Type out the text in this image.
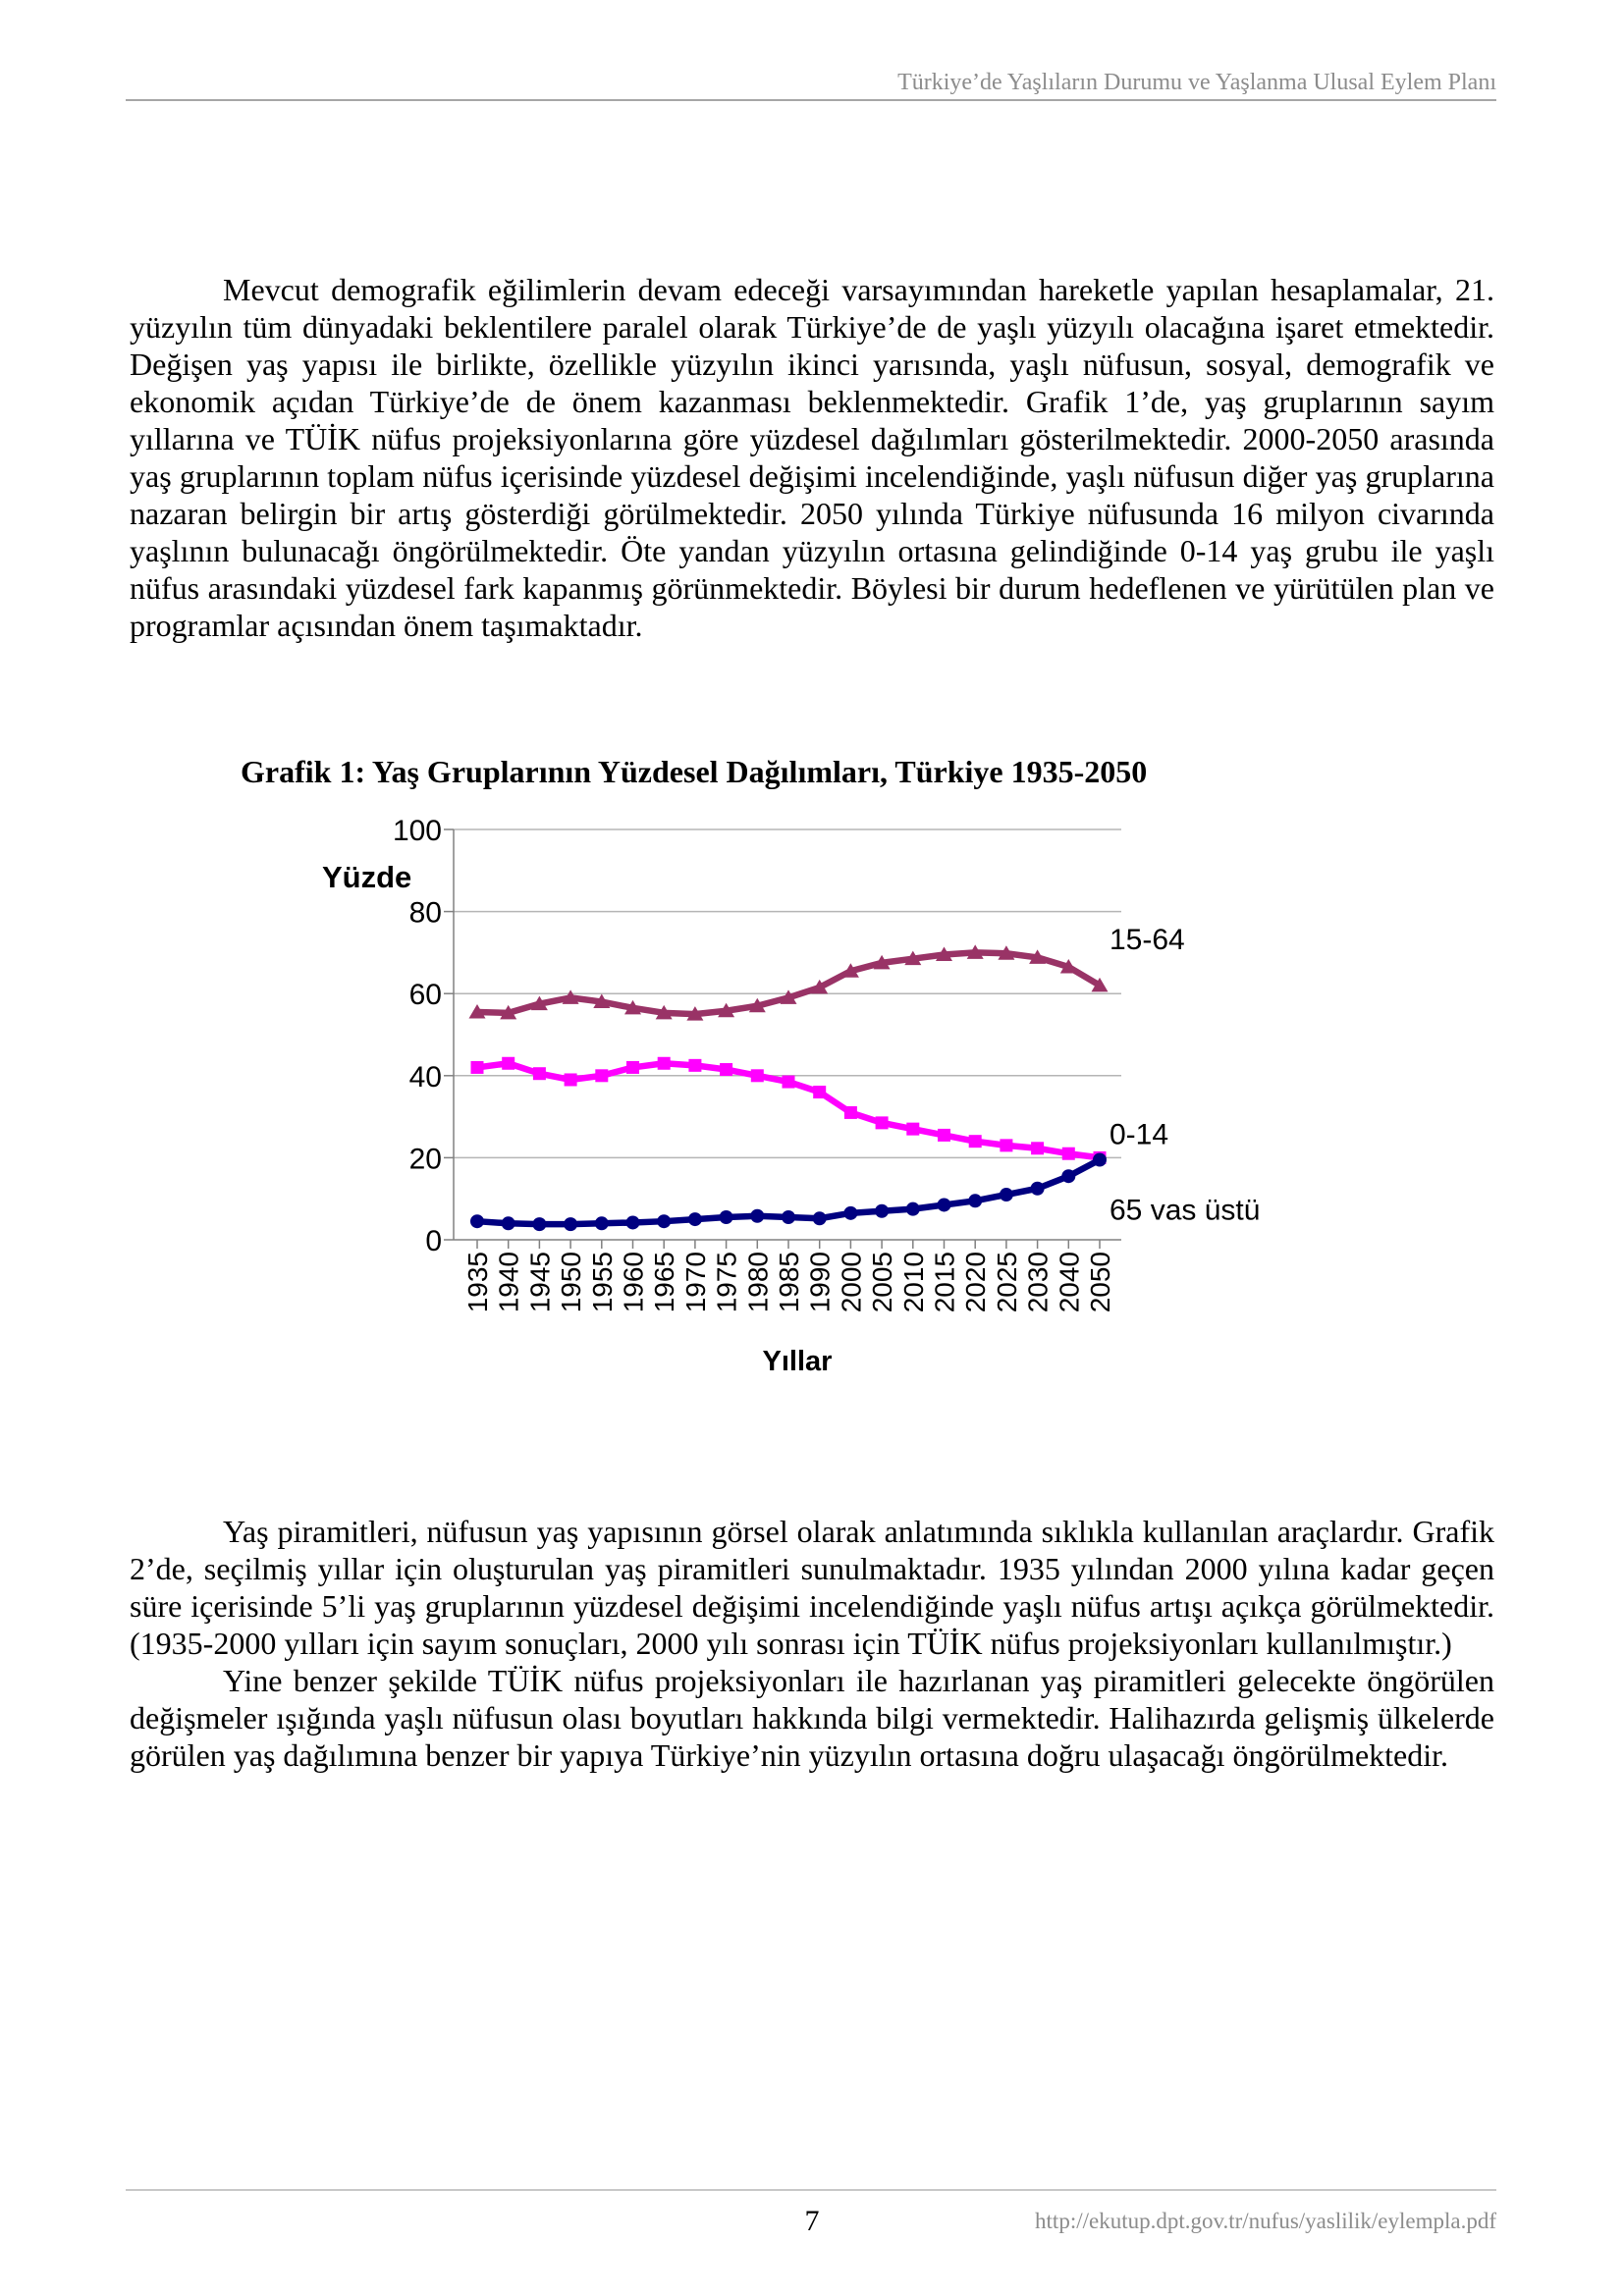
Türkiye’de Yaşlıların Durumu ve Yaşlanma Ulusal Eylem Planı

Mevcut demografik eğilimlerin devam edeceği varsayımından hareketle yapılan hesaplamalar, 21. yüzyılın tüm dünyadaki beklentilere paralel olarak Türkiye’de de yaşlı yüzyılı olacağına işaret etmektedir. Değişen yaş yapısı ile birlikte, özellikle yüzyılın ikinci yarısında, yaşlı nüfusun, sosyal, demografik ve ekonomik açıdan Türkiye’de de önem kazanması beklenmektedir. Grafik 1’de, yaş gruplarının sayım yıllarına ve TÜİK nüfus projeksiyonlarına göre yüzdesel dağılımları gösterilmektedir. 2000-2050 arasında yaş gruplarının toplam nüfus içerisinde yüzdesel değişimi incelendiğinde, yaşlı nüfusun diğer yaş gruplarına nazaran belirgin bir artış gösterdiği görülmektedir. 2050 yılında Türkiye nüfusunda 16 milyon civarında yaşlının bulunacağı öngörülmektedir. Öte yandan yüzyılın ortasına gelindiğinde 0-14 yaş grubu ile yaşlı nüfus arasındaki yüzdesel fark kapanmış görünmektedir. Böylesi bir durum hedeflenen ve yürütülen plan ve programlar açısından önem taşımaktadır.

Grafik 1: Yaş Gruplarının Yüzdesel Dağılımları, Türkiye 1935-2050
0
20
40
60
80
100
1935 1940 1945 1950 1955 1960 1965 1970 1975 1980 1985 1990 2000 2005 2010 2015 2020 2025 2030 2040 2050
15-64
0-14
65 vas üstü
Yüzde
Yıllar

Yaş piramitleri, nüfusun yaş yapısının görsel olarak anlatımında sıklıkla kullanılan araçlardır. Grafik 2’de, seçilmiş yıllar için oluşturulan yaş piramitleri sunulmaktadır. 1935 yılından 2000 yılına kadar geçen süre içerisinde 5’li yaş gruplarının yüzdesel değişimi incelendiğinde yaşlı nüfus artışı açıkça görülmektedir. (1935-2000 yılları için sayım sonuçları, 2000 yılı sonrası için TÜİK nüfus projeksiyonları kullanılmıştır.)

Yine benzer şekilde TÜİK nüfus projeksiyonları ile hazırlanan yaş piramitleri gelecekte öngörülen değişmeler ışığında yaşlı nüfusun olası boyutları hakkında bilgi vermektedir. Halihazırda gelişmiş ülkelerde görülen yaş dağılımına benzer bir yapıya Türkiye’nin yüzyılın ortasına doğru ulaşacağı öngörülmektedir.

7	http://ekutup.dpt.gov.tr/nufus/yaslilik/eylempla.pdf
